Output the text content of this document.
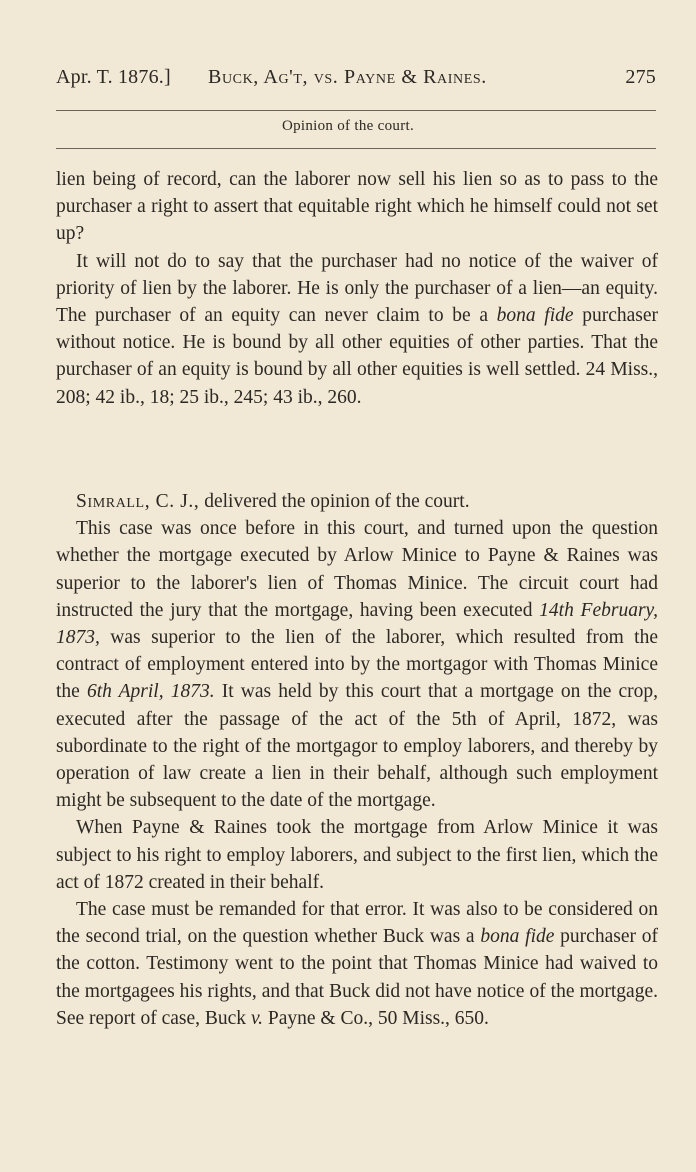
Apr. T. 1876.] Buck, Ag't, vs. Payne & Raines.	275
Opinion of the court.

lien being of record, can the laborer now sell his lien so as to pass to the purchaser a right to assert that equitable right which he himself could not set up?

It will not do to say that the purchaser had no notice of the waiver of priority of lien by the laborer. He is only the purchaser of a lien—an equity. The purchaser of an equity can never claim to be a bona fide purchaser without notice. He is bound by all other equities of other parties. That the purchaser of an equity is bound by all other equities is well settled. 24 Miss., 208; 42 ib., 18; 25 ib., 245; 43 ib., 260.

Simrall, C. J., delivered the opinion of the court.

This case was once before in this court, and turned upon the question whether the mortgage executed by Arlow Minice to Payne & Raines was superior to the laborer's lien of Thomas Minice. The circuit court had instructed the jury that the mortgage, having been executed 14th February, 1873, was superior to the lien of the laborer, which resulted from the contract of employment entered into by the mortgagor with Thomas Minice the 6th April, 1873. It was held by this court that a mortgage on the crop, executed after the passage of the act of the 5th of April, 1872, was subordinate to the right of the mortgagor to employ laborers, and thereby by operation of law create a lien in their behalf, although such employment might be subsequent to the date of the mortgage.

When Payne & Raines took the mortgage from Arlow Minice it was subject to his right to employ laborers, and subject to the first lien, which the act of 1872 created in their behalf.

The case must be remanded for that error. It was also to be considered on the second trial, on the question whether Buck was a bona fide purchaser of the cotton. Testimony went to the point that Thomas Minice had waived to the mortgagees his rights, and that Buck did not have notice of the mortgage. See report of case, Buck v. Payne & Co., 50 Miss., 650.
